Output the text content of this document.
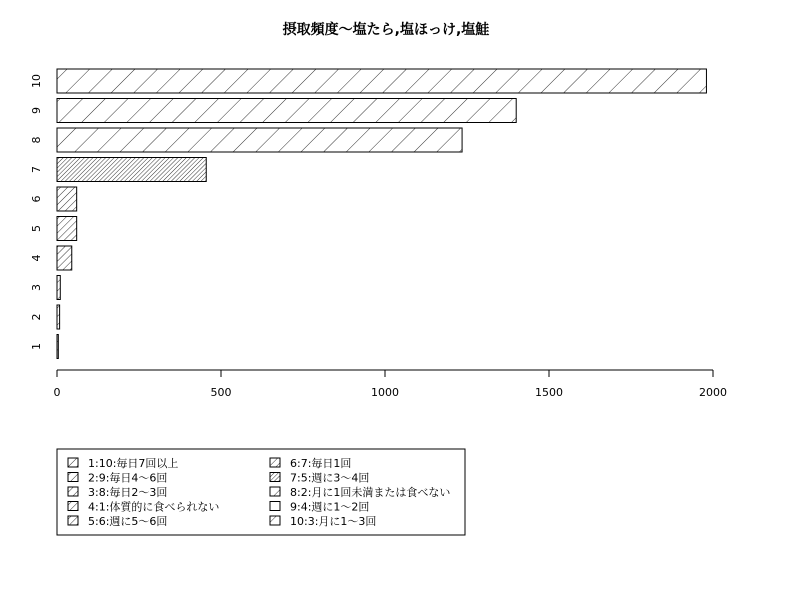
摂取頻度〜塩たら,塩ほっけ,塩鮭
1
2
3
4
5
6
7
8
9
10
0	500	1000	1500	2000
1:10:毎日7回以上
2:9:毎日4〜6回
3:8:毎日2〜3回
4:1:体質的に食べられない
5:6:週に5〜6回
6:7:毎日1回
7:5:週に3〜4回
8:2:月に1回未満または食べない
9:4:週に1〜2回
10:3:月に1〜3回
